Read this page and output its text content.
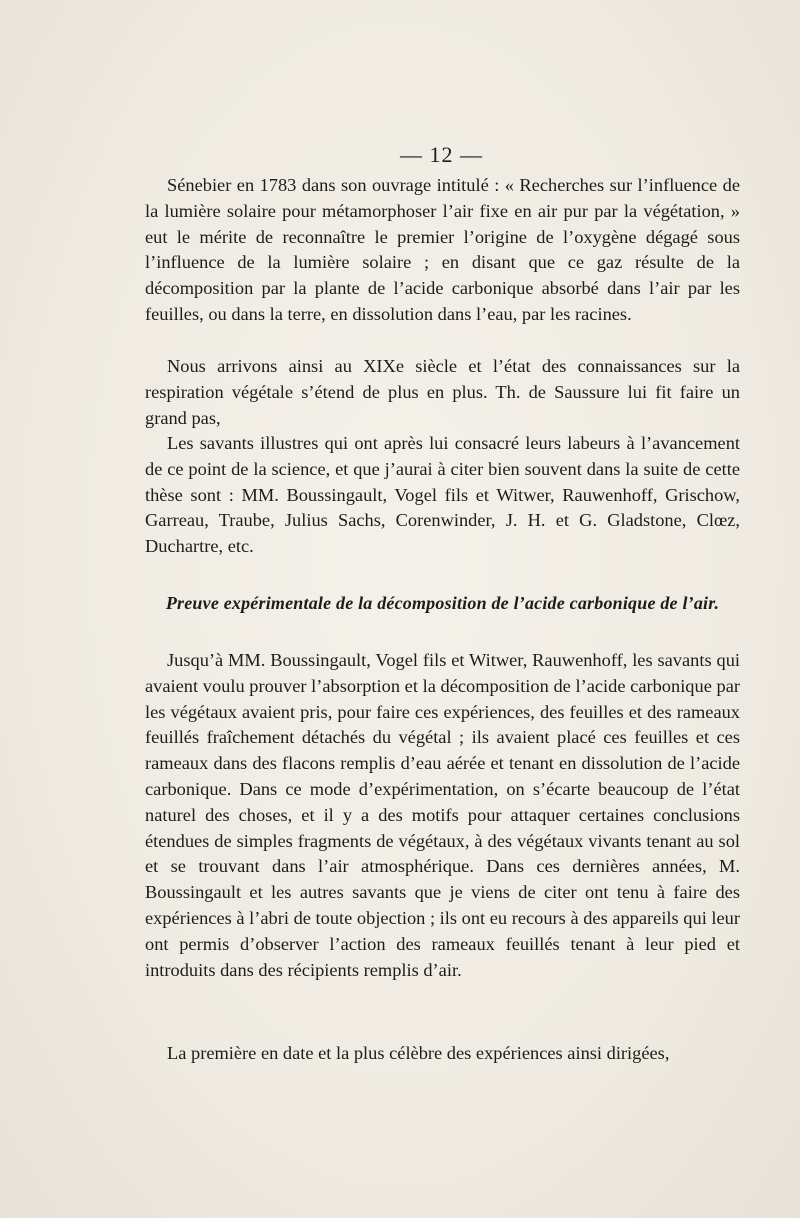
— 12 —

Sénebier en 1783 dans son ouvrage intitulé : « Recherches sur l’influence de la lumière solaire pour métamorphoser l’air fixe en air pur par la végétation, » eut le mérite de reconnaître le premier l’origine de l’oxygène dégagé sous l’influence de la lumière solaire ; en disant que ce gaz résulte de la décomposition par la plante de l’acide carbonique absorbé dans l’air par les feuilles, ou dans la terre, en dissolution dans l’eau, par les racines.

Nous arrivons ainsi au XIXe siècle et l’état des connaissances sur la respiration végétale s’étend de plus en plus. Th. de Saussure lui fit faire un grand pas,

Les savants illustres qui ont après lui consacré leurs labeurs à l’avancement de ce point de la science, et que j’aurai à citer bien souvent dans la suite de cette thèse sont : MM. Boussingault, Vogel fils et Witwer, Rauwenhoff, Grischow, Garreau, Traube, Julius Sachs, Corenwinder, J. H. et G. Gladstone, Clœz, Duchartre, etc.

Preuve expérimentale de la décomposition de l’acide carbonique de l’air.

Jusqu’à MM. Boussingault, Vogel fils et Witwer, Rauwenhoff, les savants qui avaient voulu prouver l’absorption et la décomposition de l’acide carbonique par les végétaux avaient pris, pour faire ces expériences, des feuilles et des rameaux feuillés fraîchement détachés du végétal ; ils avaient placé ces feuilles et ces rameaux dans des flacons remplis d’eau aérée et tenant en dissolution de l’acide carbonique. Dans ce mode d’expérimentation, on s’écarte beaucoup de l’état naturel des choses, et il y a des motifs pour attaquer certaines conclusions étendues de simples fragments de végétaux, à des végétaux vivants tenant au sol et se trouvant dans l’air atmosphérique. Dans ces dernières années, M. Boussingault et les autres savants que je viens de citer ont tenu à faire des expériences à l’abri de toute objection ; ils ont eu recours à des appareils qui leur ont permis d’observer l’action des rameaux feuillés tenant à leur pied et introduits dans des récipients remplis d’air.

La première en date et la plus célèbre des expériences ainsi dirigées,
